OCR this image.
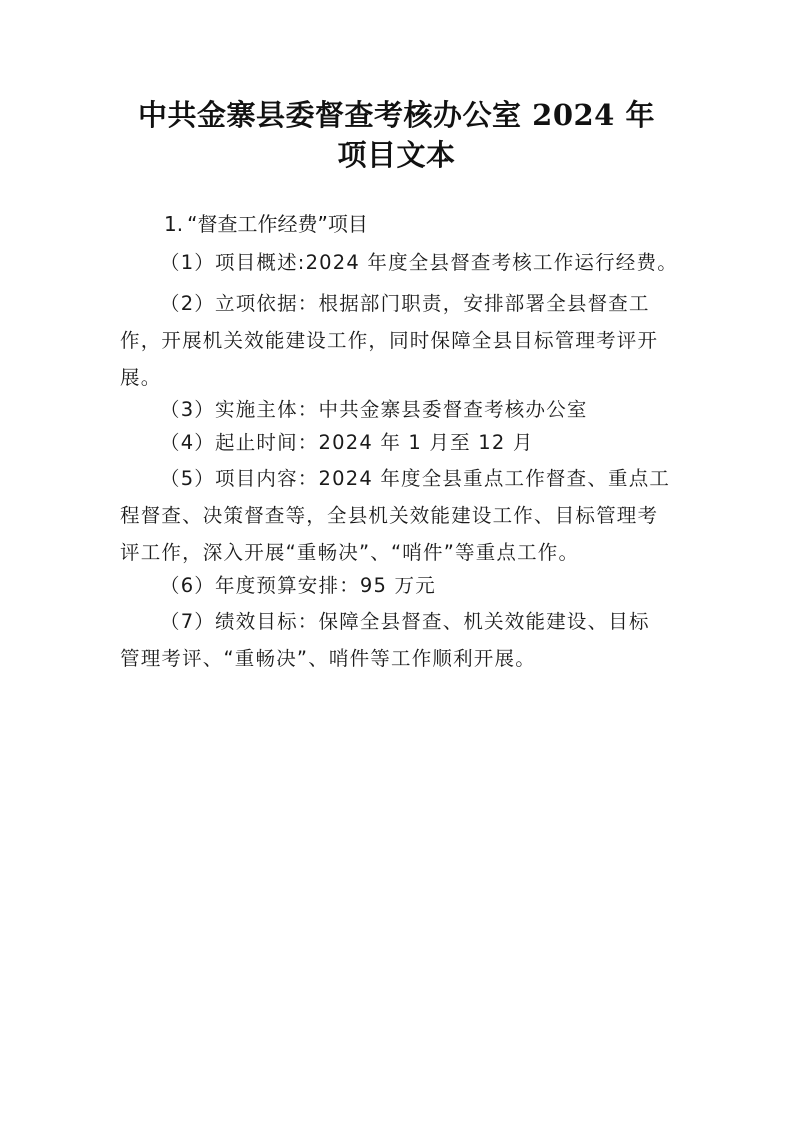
中共金寨县委督查考核办公室 2024 年
项目文本
1. “督查工作经费”项目
（1）项目概述:2024 年度全县督查考核工作运行经费。
（2）立项依据：根据部门职责，安排部署全县督查工
作，开展机关效能建设工作，同时保障全县目标管理考评开
展。
（3）实施主体：中共金寨县委督查考核办公室
（4）起止时间：2024 年 1 月至 12 月
（5）项目内容：2024 年度全县重点工作督查、重点工
程督查、决策督查等，全县机关效能建设工作、目标管理考
评工作，深入开展“重畅决”、“哨件”等重点工作。
（6）年度预算安排：95 万元
（7）绩效目标：保障全县督查、机关效能建设、目标
管理考评、“重畅决”、哨件等工作顺利开展。
